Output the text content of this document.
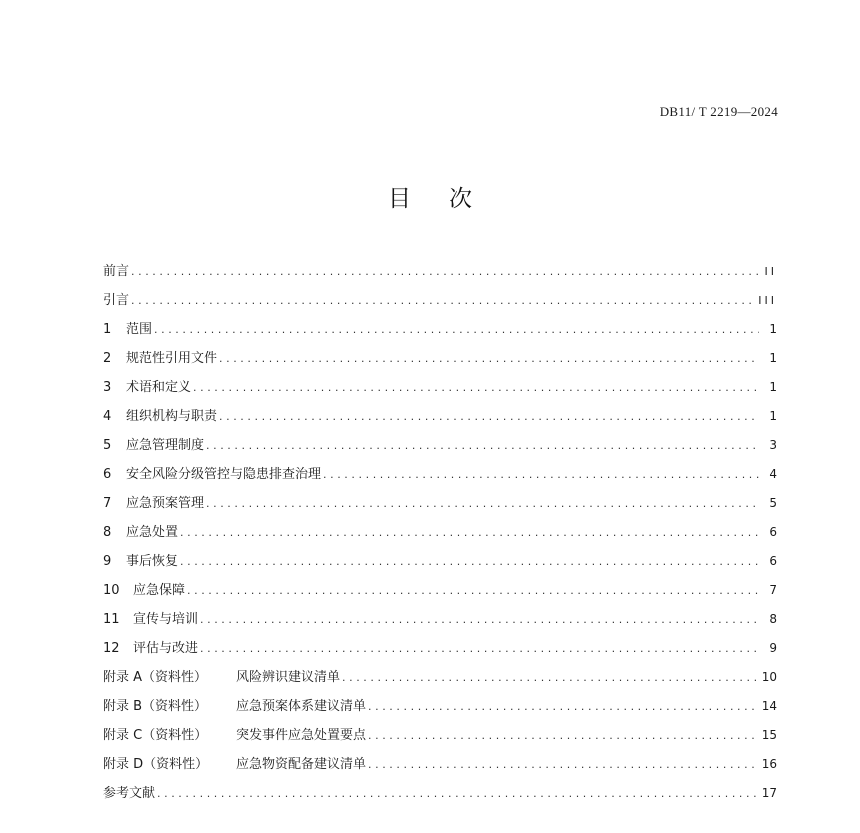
DB11/ T 2219—2024
目次
前言 .....	II
引言 .....	III
1	范围 .....	1
2	规范性引用文件 .....	1
3	术语和定义 .....	1
4	组织机构与职责 .....	1
5	应急管理制度 .....	3
6	安全风险分级管控与隐患排查治理 .....	4
7	应急预案管理 .....	5
8	应急处置 .....	6
9	事后恢复 .....	6
10	应急保障 .....	7
11	宣传与培训 .....	8
12	评估与改进 .....	9
附录 A（资料性）	风险辨识建议清单 .....	10
附录 B（资料性）	应急预案体系建议清单 .....	14
附录 C（资料性）	突发事件应急处置要点 .....	15
附录 D（资料性）	应急物资配备建议清单 .....	16
参考文献 .....	17
